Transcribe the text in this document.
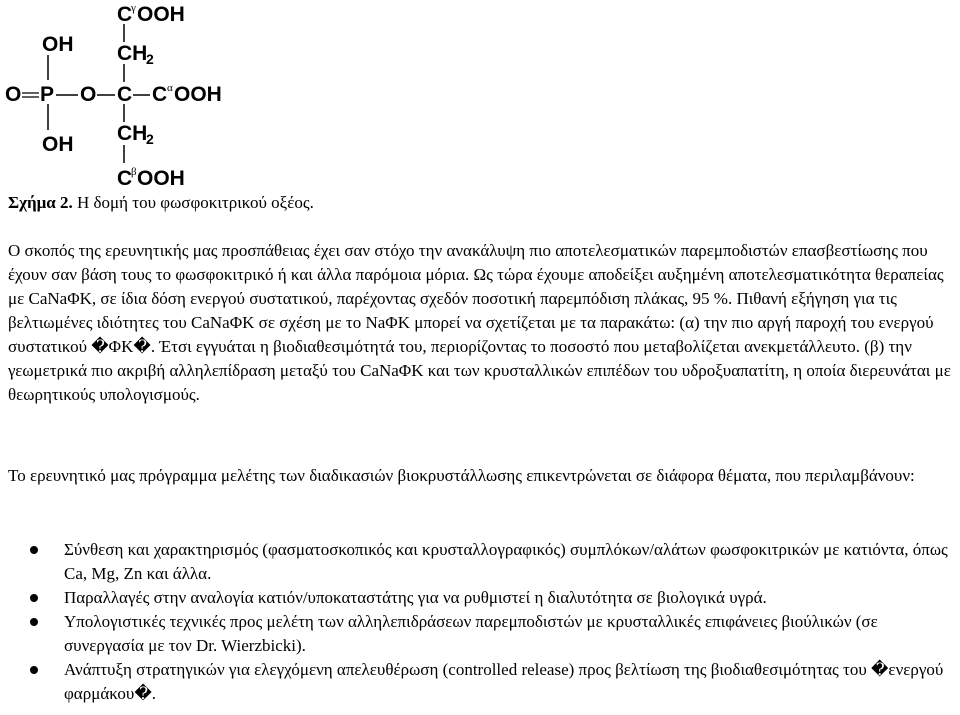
C
γ OOH
CH
2
OH
O P O C C α OOH
OH CH
2
C
β OOH

Σχήμα 2. Η δομή του φωσφοκιτρικού οξέος.

Ο σκοπός της ερευνητικής μας προσπάθειας έχει σαν στόχο την ανακάλυψη πιο αποτελεσματικών παρεμποδιστών επασβεστίωσης που έχουν σαν βάση τους το φωσφοκιτρικό ή και άλλα παρόμοια μόρια. Ως τώρα έχουμε αποδείξει αυξημένη αποτελεσματικότητα θεραπείας με CaNaΦΚ, σε ίδια δόση ενεργού συστατικού, παρέχοντας σχεδόν ποσοτική παρεμπόδιση πλάκας, 95 %. Πιθανή εξήγηση για τις βελτιωμένες ιδιότητες του CaNaΦΚ σε σχέση με το NaΦΚ μπορεί να σχετίζεται με τα παρακάτω: (α) την πιο αργή παροχή του ενεργού συστατικού �ΦΚ�. Έτσι εγγυάται η βιοδιαθεσιμότητά του, περιορίζοντας το ποσοστό που μεταβολίζεται ανεκμετάλλευτο. (β) την γεωμετρικά πιο ακριβή αλληλεπίδραση μεταξύ του CaNaΦΚ και των κρυσταλλικών επιπέδων του υδροξυαπατίτη, η οποία διερευνάται με θεωρητικούς υπολογισμούς.

Το ερευνητικό μας πρόγραμμα μελέτης των διαδικασιών βιοκρυστάλλωσης επικεντρώνεται σε διάφορα θέματα, που περιλαμβάνουν:

Σύνθεση και χαρακτηρισμός (φασματοσκοπικός και κρυσταλλογραφικός) συμπλόκων/αλάτων φωσφοκιτρικών με κατιόντα, όπως Ca, Mg, Zn και άλλα.
Παραλλαγές στην αναλογία κατιόν/υποκαταστάτης για να ρυθμιστεί η διαλυτότητα σε βιολογικά υγρά.
Υπολογιστικές τεχνικές προς μελέτη των αλληλεπιδράσεων παρεμποδιστών με κρυσταλλικές επιφάνειες βιούλικών (σε συνεργασία με τον Dr. Wierzbicki).
Ανάπτυξη στρατηγικών για ελεγχόμενη απελευθέρωση (controlled release) προς βελτίωση της βιοδιαθεσιμότητας του �ενεργού φαρμάκου�.
